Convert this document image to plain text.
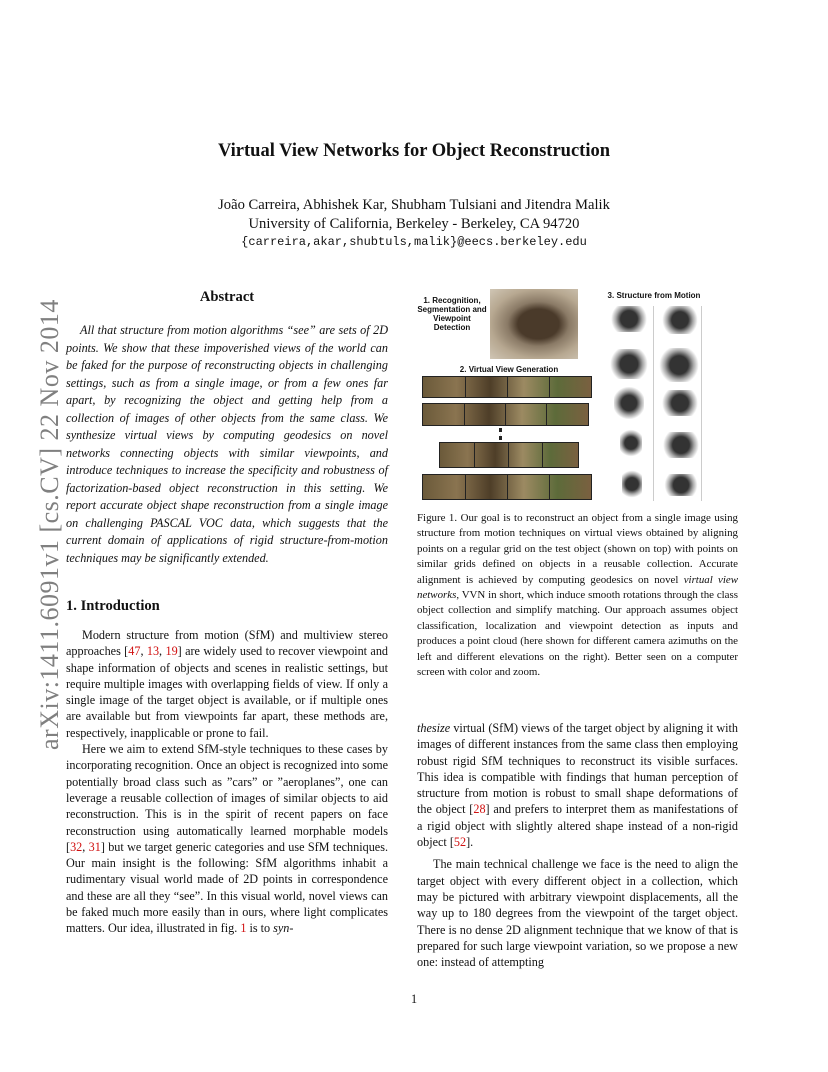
Virtual View Networks for Object Reconstruction
João Carreira, Abhishek Kar, Shubham Tulsiani and Jitendra Malik
University of California, Berkeley - Berkeley, CA 94720
{carreira,akar,shubtuls,malik}@eecs.berkeley.edu
arXiv:1411.6091v1 [cs.CV] 22 Nov 2014
Abstract
All that structure from motion algorithms “see” are sets of 2D points. We show that these impoverished views of the world can be faked for the purpose of reconstructing objects in challenging settings, such as from a single image, or from a few ones far apart, by recognizing the object and getting help from a collection of images of other objects from the same class. We synthesize virtual views by computing geodesics on novel networks connecting objects with similar viewpoints, and introduce techniques to increase the specificity and robustness of factorization-based object reconstruction in this setting. We report accurate object shape reconstruction from a single image on challenging PASCAL VOC data, which suggests that the current domain of applications of rigid structure-from-motion techniques may be significantly extended.
1. Introduction

Modern structure from motion (SfM) and multiview stereo approaches [47, 13, 19] are widely used to recover viewpoint and shape information of objects and scenes in realistic settings, but require multiple images with overlapping fields of view. If only a single image of the target object is available, or if multiple ones are available but from viewpoints far apart, these methods are, respectively, inapplicable or prone to fail.

Here we aim to extend SfM-style techniques to these cases by incorporating recognition. Once an object is recognized into some potentially broad class such as ”cars” or ”aeroplanes”, one can leverage a reusable collection of images of similar objects to aid reconstruction. This is in the spirit of recent papers on face reconstruction using automatically learned morphable models [32, 31] but we target generic categories and use SfM techniques. Our main insight is the following: SfM algorithms inhabit a rudimentary visual world made of 2D points in correspondence and these are all they “see”. In this visual world, novel views can be faked much more easily than in ours, where light complicates matters. Our idea, illustrated in fig. 1 is to syn-

thesize virtual (SfM) views of the target object by aligning it with images of different instances from the same class then employing robust rigid SfM techniques to reconstruct its visible surfaces. This idea is compatible with findings that human perception of structure from motion is robust to small shape deformations of the object [28] and prefers to interpret them as manifestations of a rigid object with slightly altered shape instead of a non-rigid object [52].

The main technical challenge we face is the need to align the target object with every different object in a collection, which may be pictured with arbitrary viewpoint displacements, all the way up to 180 degrees from the viewpoint of the target object. There is no dense 2D alignment technique that we know of that is prepared for such large viewpoint variation, so we propose a new one: instead of attempting

1. Recognition, Segmentation and Viewpoint Detection
2. Virtual View Generation
3. Structure from Motion
Figure 1. Our goal is to reconstruct an object from a single image using structure from motion techniques on virtual views obtained by aligning points on a regular grid on the test object (shown on top) with points on similar grids defined on objects in a reusable collection. Accurate alignment is achieved by computing geodesics on novel virtual view networks, VVN in short, which induce smooth rotations through the class object collection and simplify matching. Our approach assumes object classification, localization and viewpoint detection as inputs and produces a point cloud (here shown for different camera azimuths on the left and different elevations on the right). Better seen on a computer screen with color and zoom.
1
